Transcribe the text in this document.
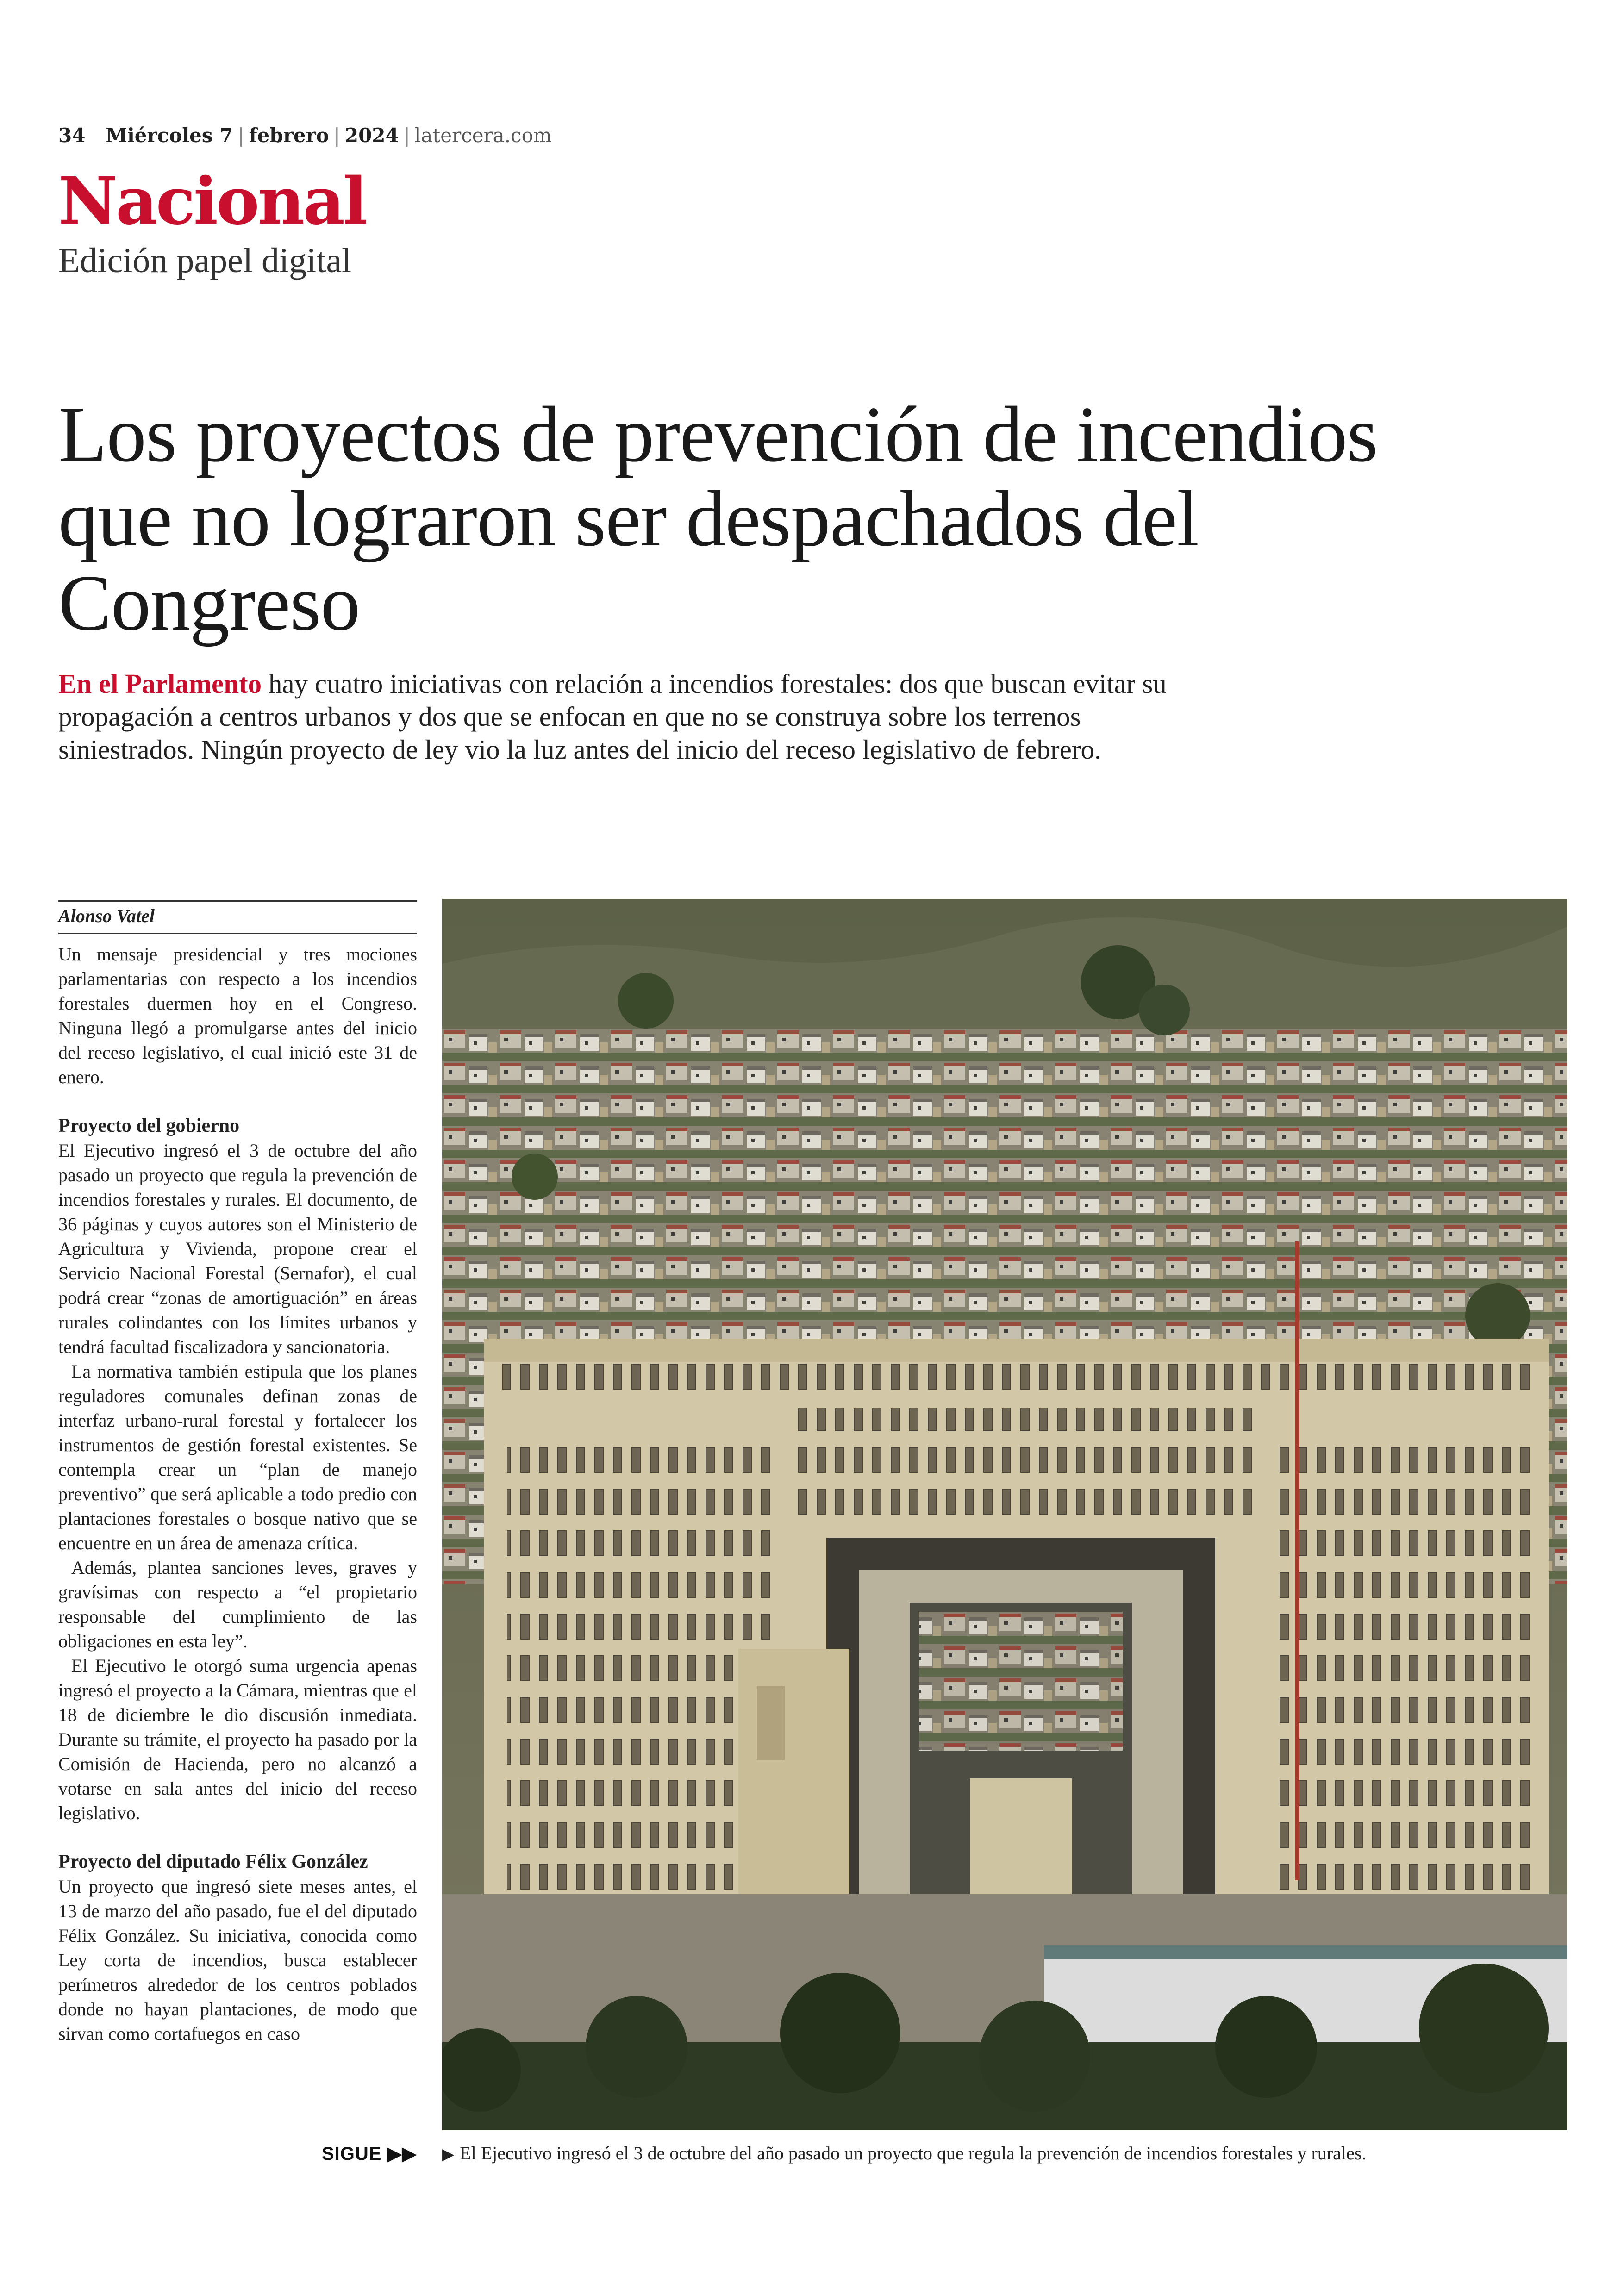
34 Miércoles 7 | febrero | 2024 | latercera.com
Nacional
Edición papel digital
Los proyectos de prevención de incendios que no lograron ser despachados del Congreso
En el Parlamento hay cuatro iniciativas con relación a incendios forestales: dos que buscan evitar su propagación a centros urbanos y dos que se enfocan en que no se construya sobre los terrenos siniestrados. Ningún proyecto de ley vio la luz antes del inicio del receso legislativo de febrero.
Alonso Vatel

Un mensaje presidencial y tres mociones parlamentarias con respecto a los incendios forestales duermen hoy en el Congreso. Ninguna llegó a promulgarse antes del inicio del receso legislativo, el cual inició este 31 de enero.

Proyecto del gobierno

El Ejecutivo ingresó el 3 de octubre del año pasado un proyecto que regula la prevención de incendios forestales y rurales. El documento, de 36 páginas y cuyos autores son el Ministerio de Agricultura y Vivienda, propone crear el Servicio Nacional Forestal (Sernafor), el cual podrá crear “zonas de amortiguación” en áreas rurales colindantes con los límites urbanos y tendrá facultad fiscalizadora y sancionatoria.

La normativa también estipula que los planes reguladores comunales definan zonas de interfaz urbano-rural forestal y fortalecer los instrumentos de gestión forestal existentes. Se contempla crear un “plan de manejo preventivo” que será aplicable a todo predio con plantaciones forestales o bosque nativo que se encuentre en un área de amenaza crítica.

Además, plantea sanciones leves, graves y gravísimas con respecto a “el propietario responsable del cumplimiento de las obligaciones en esta ley”.

El Ejecutivo le otorgó suma urgencia apenas ingresó el proyecto a la Cámara, mientras que el 18 de diciembre le dio discusión inmediata. Durante su trámite, el proyecto ha pasado por la Comisión de Hacienda, pero no alcanzó a votarse en sala antes del inicio del receso legislativo.

Proyecto del diputado Félix González

Un proyecto que ingresó siete meses antes, el 13 de marzo del año pasado, fue el del diputado Félix González. Su iniciativa, conocida como Ley corta de incendios, busca establecer perímetros alrededor de los centros poblados donde no hayan plantaciones, de modo que sirvan como cortafuegos en caso

SIGUE ▶▶ ▶ El Ejecutivo ingresó el 3 de octubre del año pasado un proyecto que regula la prevención de incendios forestales y rurales.
